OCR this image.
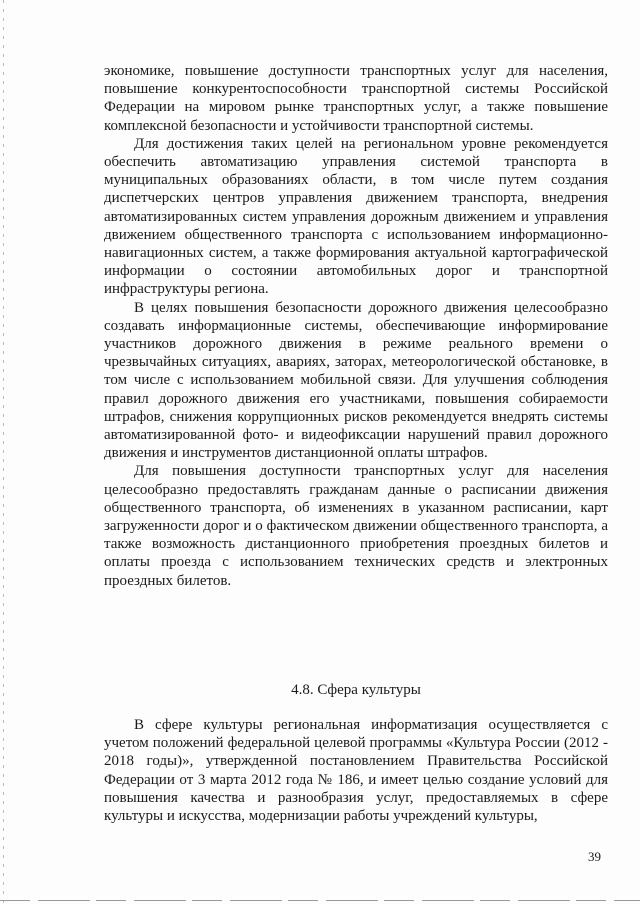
экономике, повышение доступности транспортных услуг для населения, повышение конкурентоспособности транспортной системы Российской Федерации на мировом рынке транспортных услуг, а также повышение комплексной безопасности и устойчивости транспортной системы.

Для достижения таких целей на региональном уровне рекомендуется обеспечить автоматизацию управления системой транспорта в муниципальных образованиях области, в том числе путем создания диспетчерских центров управления движением транспорта, внедрения автоматизированных систем управления дорожным движением и управления движением общественного транспорта с использованием информационно-навигационных систем, а также формирования актуальной картографической информации о состоянии автомобильных дорог и транспортной инфраструктуры региона.

В целях повышения безопасности дорожного движения целесообразно создавать информационные системы, обеспечивающие информирование участников дорожного движения в режиме реального времени о чрезвычайных ситуациях, авариях, заторах, метеорологической обстановке, в том числе с использованием мобильной связи. Для улучшения соблюдения правил дорожного движения его участниками, повышения собираемости штрафов, снижения коррупционных рисков рекомендуется внедрять системы автоматизированной фото- и видеофиксации нарушений правил дорожного движения и инструментов дистанционной оплаты штрафов.

Для повышения доступности транспортных услуг для населения целесообразно предоставлять гражданам данные о расписании движения общественного транспорта, об изменениях в указанном расписании, карт загруженности дорог и о фактическом движении общественного транспорта, а также возможность дистанционного приобретения проездных билетов и оплаты проезда с использованием технических средств и электронных проездных билетов.

4.8. Сфера культуры

В сфере культуры региональная информатизация осуществляется с учетом положений федеральной целевой программы «Культура России (2012 - 2018 годы)», утвержденной постановлением Правительства Российской Федерации от 3 марта 2012 года № 186, и имеет целью создание условий для повышения качества и разнообразия услуг, предоставляемых в сфере культуры и искусства, модернизации работы учреждений культуры,

39
